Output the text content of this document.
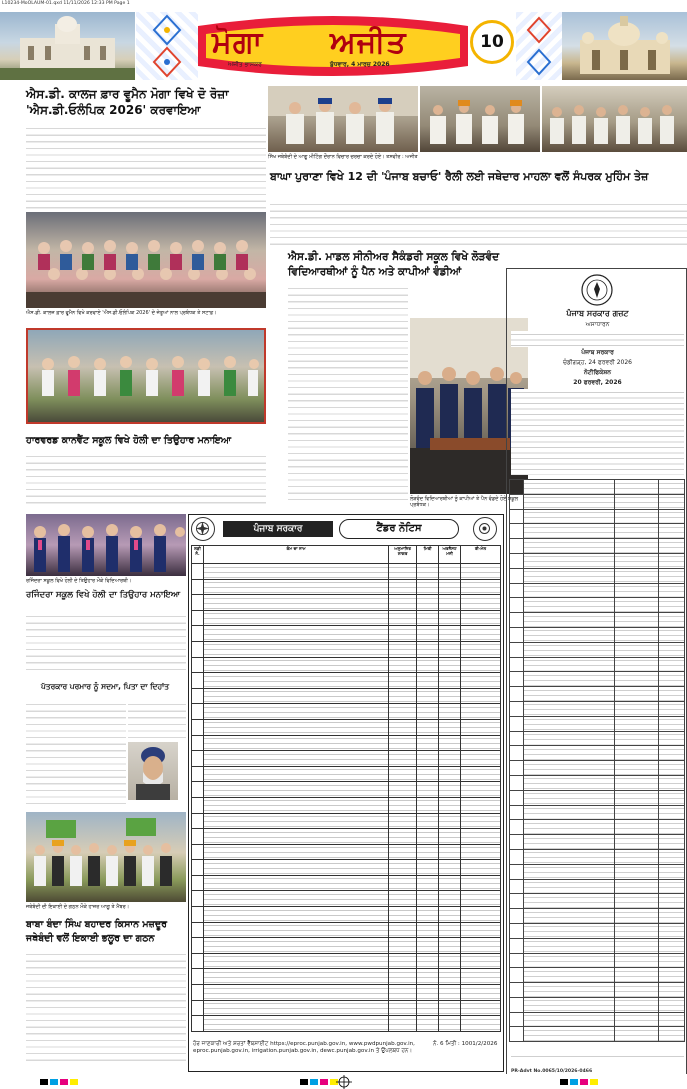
L10234-MoOLAUM-01.qxd 11/11/2026 12:33 PM Page 1
ਮੋਗਾ	ਅਜੀਤ
ਅਜੀਤ ਭਾਸਕਰ	ਬੁੱਧਵਾਰ, 4 ਮਾਰਚ 2026
10
ਐਸ.ਡੀ. ਕਾਲਜ ਫ਼ਾਰ ਵੂਮੈਨ ਮੋਗਾ ਵਿਖੇ ਦੋ ਰੋਜ਼ਾ 'ਐਸ.ਡੀ.ਓਲੰਪਿਕ 2026' ਕਰਵਾਇਆ
ਐਸ.ਡੀ. ਕਾਲਜ ਫ਼ਾਰ ਵੂਮੈਨ ਵਿਖੇ ਕਰਵਾਏ 'ਐਸ.ਡੀ.ਓਲੰਪਿਕ 2026' ਦੇ ਜੇਤੂਆਂ ਨਾਲ ਪ੍ਰਬੰਧਕ ਤੇ ਸਟਾਫ਼।
ਸਿੱਖ ਜਥੇਬੰਦੀ ਦੇ ਆਗੂ ਮੀਟਿੰਗ ਦੌਰਾਨ ਵਿਚਾਰ ਚਰਚਾ ਕਰਦੇ ਹੋਏ। ਤਸਵੀਰ : ਅਜੀਤ
ਬਾਘਾ ਪੁਰਾਣਾ ਵਿਖੇ 12 ਦੀ 'ਪੰਜਾਬ ਬਚਾਓ' ਰੈਲੀ ਲਈ ਜਥੇਦਾਰ ਮਾਹਲਾ ਵਲੋਂ ਸੰਪਰਕ ਮੁਹਿੰਮ ਤੇਜ਼
ਐਸ.ਡੀ. ਮਾਡਲ ਸੀਨੀਅਰ ਸੈਕੰਡਰੀ ਸਕੂਲ ਵਿਖੇ ਲੋੜਵੰਦ ਵਿਦਿਆਰਥੀਆਂ ਨੂੰ ਪੈਨ ਅਤੇ ਕਾਪੀਆਂ ਵੰਡੀਆਂ
ਲੋੜਵੰਦ ਵਿਦਿਆਰਥੀਆਂ ਨੂੰ ਕਾਪੀਆਂ ਤੇ ਪੈਨ ਵੰਡਦੇ ਹੋਏ ਸਕੂਲ ਪ੍ਰਬੰਧਕ।
ਹਾਰਵਰਡ ਕਾਨਵੈਂਟ ਸਕੂਲ ਵਿਖੇ ਹੋਲੀ ਦਾ ਤਿਉਹਾਰ ਮਨਾਇਆ
ਰਜਿੰਦਰਾ ਸਕੂਲ ਵਿਖੇ ਹੋਲੀ ਦੇ ਤਿਉਹਾਰ ਮੌਕੇ ਵਿਦਿਆਰਥੀ।
ਰਜਿੰਦਰਾ ਸਕੂਲ ਵਿਖੇ ਹੋਲੀ ਦਾ ਤਿਉਹਾਰ ਮਨਾਇਆ
ਪੱਤਰਕਾਰ ਪਰਮਾਰ ਨੂੰ ਸਦਮਾ, ਪਿਤਾ ਦਾ ਦਿਹਾਂਤ
ਜਥੇਬੰਦੀ ਦੀ ਇਕਾਈ ਦੇ ਗਠਨ ਮੌਕੇ ਹਾਜ਼ਰ ਆਗੂ ਤੇ ਮੈਂਬਰ।
ਬਾਬਾ ਬੰਦਾ ਸਿੰਘ ਬਹਾਦਰ ਕਿਸਾਨ ਮਜ਼ਦੂਰ ਜਥੇਬੰਦੀ ਵਲੋਂ ਇਕਾਈ ਭਲੂਰ ਦਾ ਗਠਨ
ਪੰਜਾਬ ਸਰਕਾਰ	ਟੈਂਡਰ ਨੋਟਿਸ
ਲੜੀ ਨੰ.	ਕੰਮ ਦਾ ਨਾਮ	ਅਨੁਮਾਨਿਤ ਲਾਗਤ	ਮਿਤੀ	ਅਰਨੈਸਟ ਮਨੀ	ਈ-ਮੇਲ

ਹੋਰ ਜਾਣਕਾਰੀ ਅਤੇ ਸ਼ਰਤਾਂ ਵੈੱਬਸਾਈਟ https://eproc.punjab.gov.in, www.pwdpunjab.gov.in, eproc.punjab.gov.in, irrigation.punjab.gov.in, dewc.punjab.gov.in ਤੇ ਉਪਲਬਧ ਹਨ।
ਨੰ. 6 ਮਿਤੀ : 1001/2/2026
ਪੰਜਾਬ ਸਰਕਾਰ ਗਜ਼ਟ
ਅਸਾਧਾਰਨ
ਪੰਜਾਬ ਸਰਕਾਰ
ਚੰਡੀਗੜ੍ਹ, 24 ਫਰਵਰੀ 2026
ਨੋਟੀਫਿਕੇਸ਼ਨ
20 ਫਰਵਰੀ, 2026

PR-Advt No.0065/10/2026-0466
